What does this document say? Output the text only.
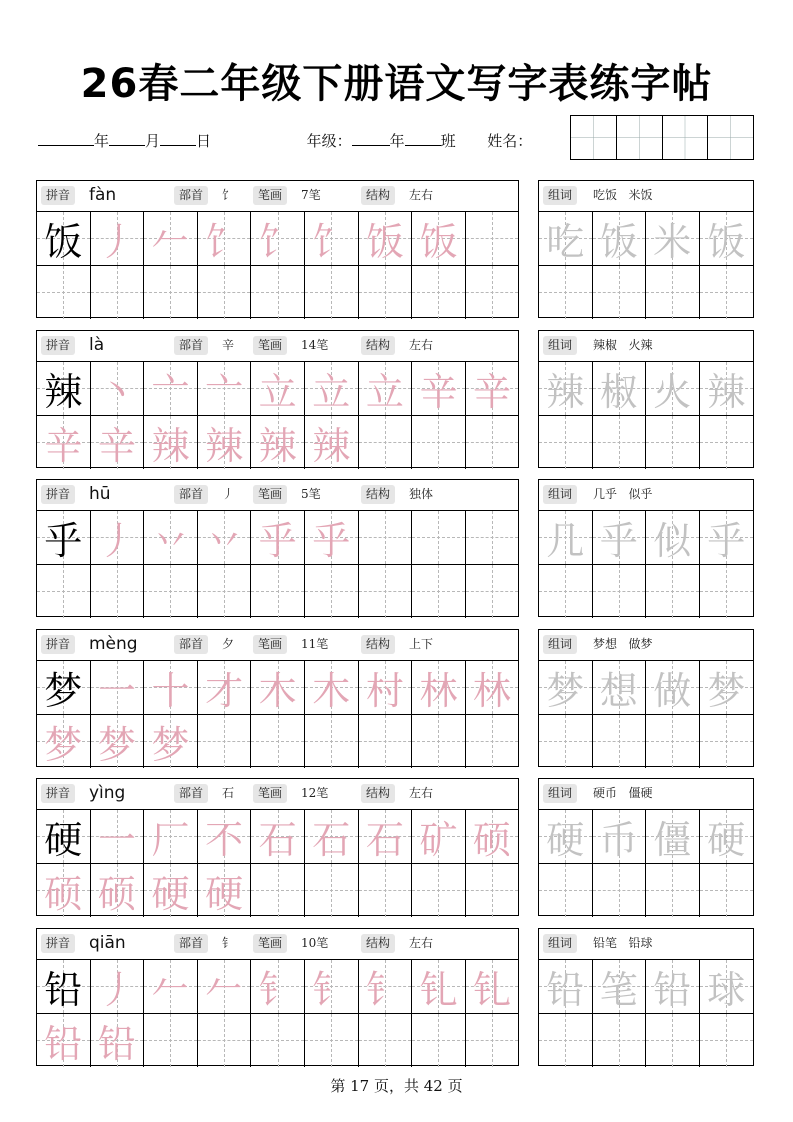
26春二年级下册语文写字表练字帖
年 月 日	年级：	年 班 姓名：
拼音 fàn	部首	饣	笔画	7笔	结构	左右
饭 丿 𠂉 饣 饣 饣 饭 饭
组词	吃饭   米饭
吃 饭 米 饭
拼音 là	部首	辛	笔画	14笔	结构	左右
辣 丶 亠 亠 立 立 立 辛 辛
辛 辛 辣 辣 辣 辣
组词	辣椒   火辣
辣 椒 火 辣
拼音 hū	部首	丿	笔画	5笔	结构	独体
乎 丿 丷 丷 乎 乎
组词	几乎   似乎
几 乎 似 乎
拼音 mèng	部首	夕	笔画	11笔	结构	上下
梦 一 十 才 木 木 村 林 林
梦 梦 梦
组词	梦想   做梦
梦 想 做 梦
拼音 yìng	部首	石	笔画	12笔	结构	左右
硬 一 厂 不 石 石 石 矿 硕
硕 硕 硬 硬
组词	硬币   僵硬
硬 币 僵 硬
拼音 qiān	部首	钅	笔画	10笔	结构	左右
铅 丿 𠂉 𠂉 钅 钅 钅 钆 钆
铅 铅
组词	铅笔   铅球
铅 笔 铅 球
第 17 页，共 42 页
